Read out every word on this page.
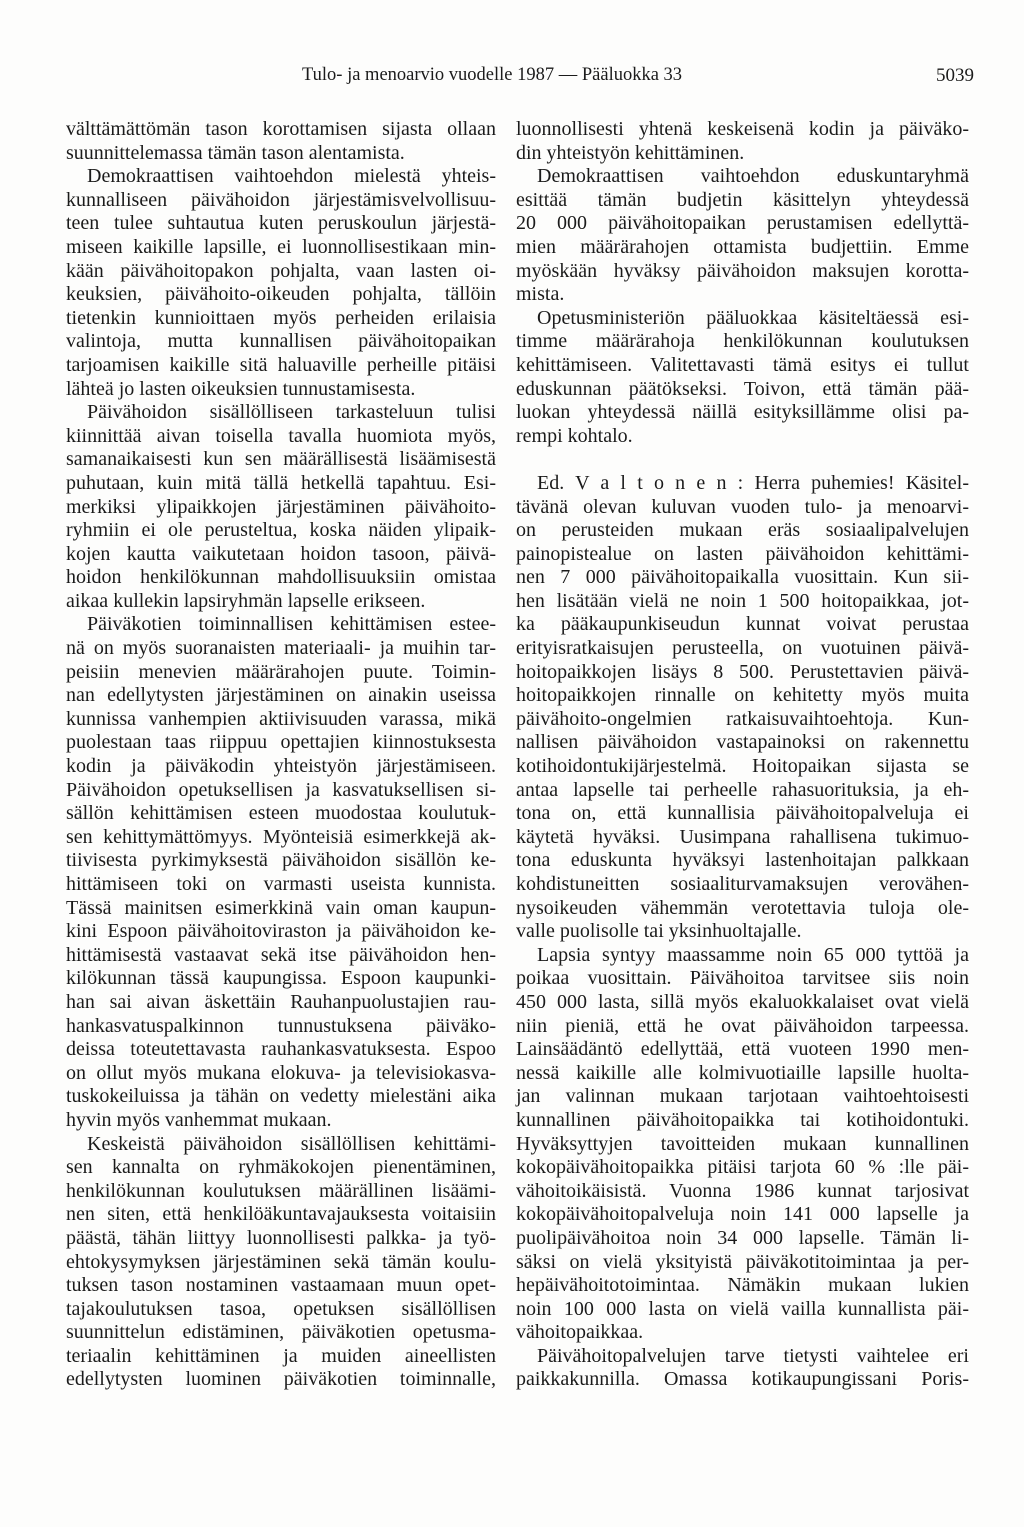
Tulo- ja menoarvio vuodelle 1987 — Pääluokka 33	5039
välttämättömän tason korottamisen sijasta ollaan
suunnittelemassa tämän tason alentamista.
Demokraattisen vaihtoehdon mielestä yhteis-
kunnalliseen päivähoidon järjestämisvelvollisuu-
teen tulee suhtautua kuten peruskoulun järjestä-
miseen kaikille lapsille, ei luonnollisestikaan min-
kään päivähoitopakon pohjalta, vaan lasten oi-
keuksien, päivähoito-oikeuden pohjalta, tällöin
tietenkin kunnioittaen myös perheiden erilaisia
valintoja, mutta kunnallisen päivähoitopaikan
tarjoamisen kaikille sitä haluaville perheille pitäisi
lähteä jo lasten oikeuksien tunnustamisesta.
Päivähoidon sisällölliseen tarkasteluun tulisi
kiinnittää aivan toisella tavalla huomiota myös,
samanaikaisesti kun sen määrällisestä lisäämisestä
puhutaan, kuin mitä tällä hetkellä tapahtuu. Esi-
merkiksi ylipaikkojen järjestäminen päivähoito-
ryhmiin ei ole perusteltua, koska näiden ylipaik-
kojen kautta vaikutetaan hoidon tasoon, päivä-
hoidon henkilökunnan mahdollisuuksiin omistaa
aikaa kullekin lapsiryhmän lapselle erikseen.
Päiväkotien toiminnallisen kehittämisen estee-
nä on myös suoranaisten materiaali- ja muihin tar-
peisiin menevien määrärahojen puute. Toimin-
nan edellytysten järjestäminen on ainakin useissa
kunnissa vanhempien aktiivisuuden varassa, mikä
puolestaan taas riippuu opettajien kiinnostuksesta
kodin ja päiväkodin yhteistyön järjestämiseen.
Päivähoidon opetuksellisen ja kasvatuksellisen si-
sällön kehittämisen esteen muodostaa koulutuk-
sen kehittymättömyys. Myönteisiä esimerkkejä ak-
tiivisesta pyrkimyksestä päivähoidon sisällön ke-
hittämiseen toki on varmasti useista kunnista.
Tässä mainitsen esimerkkinä vain oman kaupun-
kini Espoon päivähoitoviraston ja päivähoidon ke-
hittämisestä vastaavat sekä itse päivähoidon hen-
kilökunnan tässä kaupungissa. Espoon kaupunki-
han sai aivan äskettäin Rauhanpuolustajien rau-
hankasvatuspalkinnon tunnustuksena päiväko-
deissa toteutettavasta rauhankasvatuksesta. Espoo
on ollut myös mukana elokuva- ja televisiokasva-
tuskokeiluissa ja tähän on vedetty mielestäni aika
hyvin myös vanhemmat mukaan.
Keskeistä päivähoidon sisällöllisen kehittämi-
sen kannalta on ryhmäkokojen pienentäminen,
henkilökunnan koulutuksen määrällinen lisäämi-
nen siten, että henkilöäkuntavajauksesta voitaisiin
päästä, tähän liittyy luonnollisesti palkka- ja työ-
ehtokysymyksen järjestäminen sekä tämän koulu-
tuksen tason nostaminen vastaamaan muun opet-
tajakoulutuksen tasoa, opetuksen sisällöllisen
suunnittelun edistäminen, päiväkotien opetusma-
teriaalin kehittäminen ja muiden aineellisten
edellytysten luominen päiväkotien toiminnalle,
luonnollisesti yhtenä keskeisenä kodin ja päiväko-
din yhteistyön kehittäminen.
Demokraattisen vaihtoehdon eduskuntaryhmä
esittää tämän budjetin käsittelyn yhteydessä
20 000 päivähoitopaikan perustamisen edellyttä-
mien määrärahojen ottamista budjettiin. Emme
myöskään hyväksy päivähoidon maksujen korotta-
mista.
Opetusministeriön pääluokkaa käsiteltäessä esi-
timme määrärahoja henkilökunnan koulutuksen
kehittämiseen. Valitettavasti tämä esitys ei tullut
eduskunnan päätökseksi. Toivon, että tämän pää-
luokan yhteydessä näillä esityksillämme olisi pa-
rempi kohtalo.
Ed. V a l t o n e n : Herra puhemies! Käsitel-
tävänä olevan kuluvan vuoden tulo- ja menoarvi-
on perusteiden mukaan eräs sosiaalipalvelujen
painopistealue on lasten päivähoidon kehittämi-
nen 7 000 päivähoitopaikalla vuosittain. Kun sii-
hen lisätään vielä ne noin 1 500 hoitopaikkaa, jot-
ka pääkaupunkiseudun kunnat voivat perustaa
erityisratkaisujen perusteella, on vuotuinen päivä-
hoitopaikkojen lisäys 8 500. Perustettavien päivä-
hoitopaikkojen rinnalle on kehitetty myös muita
päivähoito-ongelmien ratkaisuvaihtoehtoja. Kun-
nallisen päivähoidon vastapainoksi on rakennettu
kotihoidontukijärjestelmä. Hoitopaikan sijasta se
antaa lapselle tai perheelle rahasuorituksia, ja eh-
tona on, että kunnallisia päivähoitopalveluja ei
käytetä hyväksi. Uusimpana rahallisena tukimuo-
tona eduskunta hyväksyi lastenhoitajan palkkaan
kohdistuneitten sosiaaliturvamaksujen verovähen-
nysoikeuden vähemmän verotettavia tuloja ole-
valle puolisolle tai yksinhuoltajalle.
Lapsia syntyy maassamme noin 65 000 tyttöä ja
poikaa vuosittain. Päivähoitoa tarvitsee siis noin
450 000 lasta, sillä myös ekaluokkalaiset ovat vielä
niin pieniä, että he ovat päivähoidon tarpeessa.
Lainsäädäntö edellyttää, että vuoteen 1990 men-
nessä kaikille alle kolmivuotiaille lapsille huolta-
jan valinnan mukaan tarjotaan vaihtoehtoisesti
kunnallinen päivähoitopaikka tai kotihoidontuki.
Hyväksyttyjen tavoitteiden mukaan kunnallinen
kokopäivähoitopaikka pitäisi tarjota 60 % :lle päi-
vähoitoikäisistä. Vuonna 1986 kunnat tarjosivat
kokopäivähoitopalveluja noin 141 000 lapselle ja
puolipäivähoitoa noin 34 000 lapselle. Tämän li-
säksi on vielä yksityistä päiväkotitoimintaa ja per-
hepäivähoitotoimintaa. Nämäkin mukaan lukien
noin 100 000 lasta on vielä vailla kunnallista päi-
vähoitopaikkaa.
Päivähoitopalvelujen tarve tietysti vaihtelee eri
paikkakunnilla. Omassa kotikaupungissani Poris-
